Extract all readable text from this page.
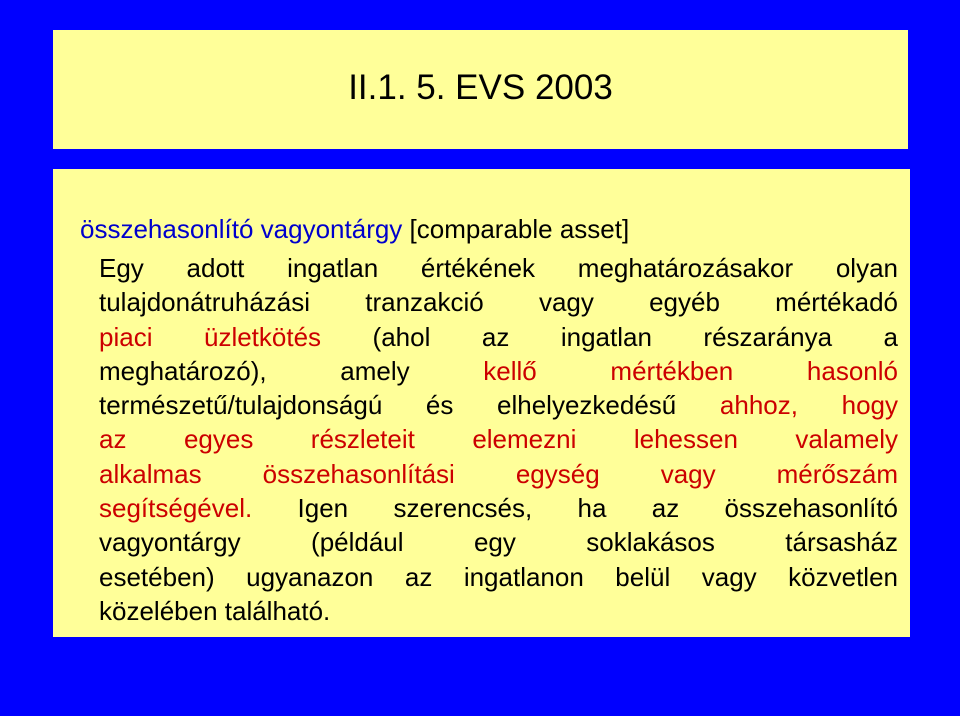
II.1. 5. EVS 2003
összehasonlító vagyontárgy [comparable asset]
Egy adott ingatlan értékének meghatározásakor olyan
tulajdonátruházási tranzakció vagy egyéb mértékadó
piaci üzletkötés (ahol az ingatlan részaránya a
meghatározó), amely kellő mértékben hasonló
természetű/tulajdonságú és elhelyezkedésű ahhoz, hogy
az egyes részleteit elemezni lehessen valamely
alkalmas összehasonlítási egység vagy mérőszám
segítségével. Igen szerencsés, ha az összehasonlító
vagyontárgy (például egy soklakásos társasház
esetében) ugyanazon az ingatlanon belül vagy közvetlen
közelében található.
